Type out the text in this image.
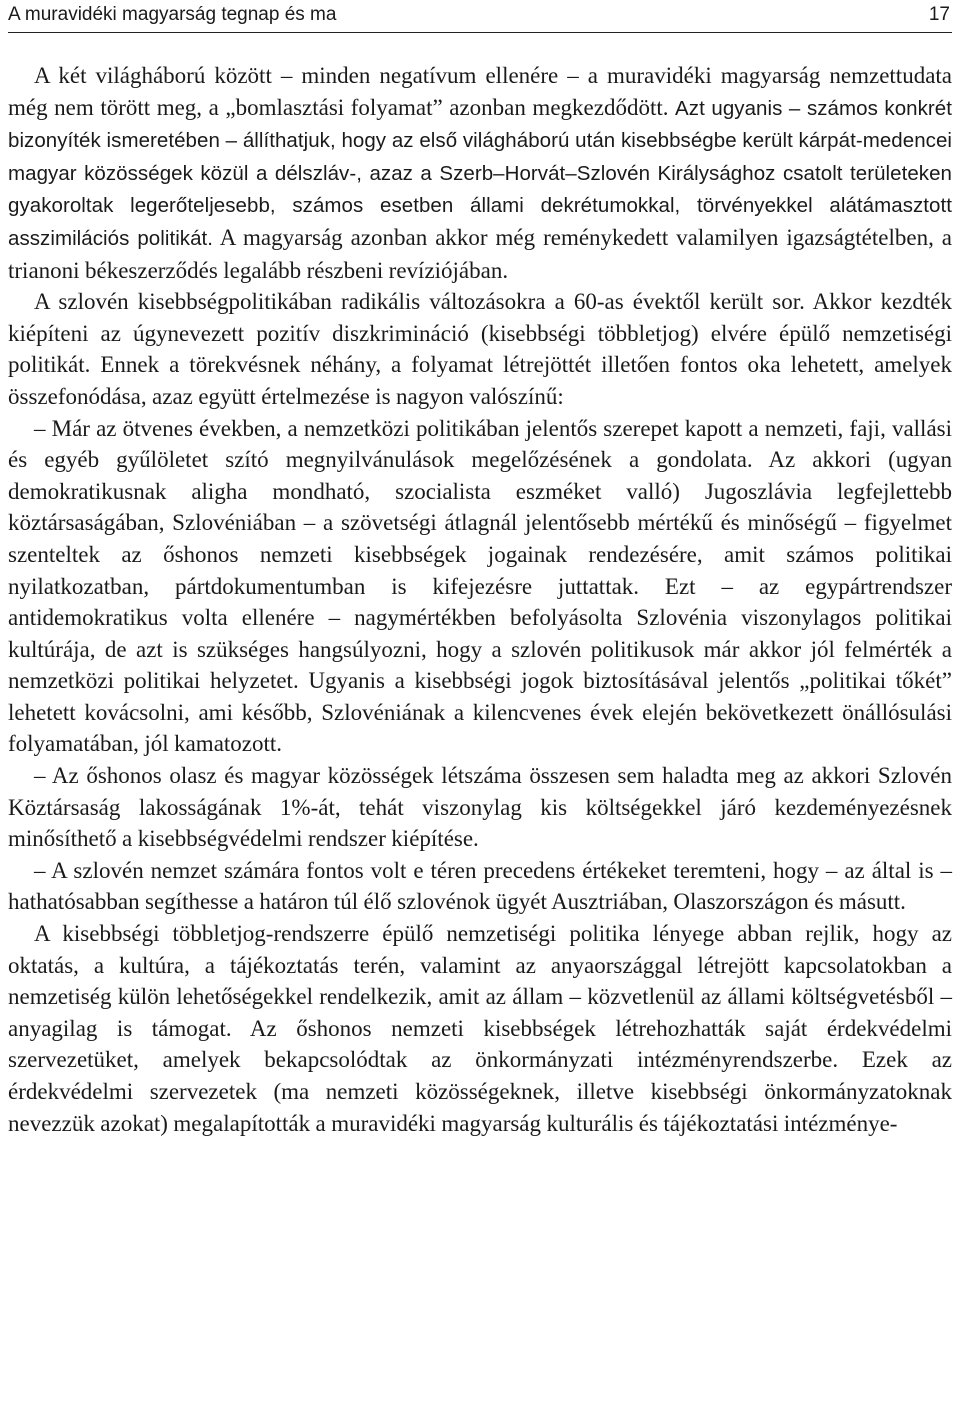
A muravidéki magyarság tegnap és ma	17

A két világháború között – minden negatívum ellenére – a muravidéki magyarság nemzettudata még nem törött meg, a „bomlasztási folyamat” azonban megkezdődött. Azt ugyanis – számos konkrét bizonyíték ismeretében – állíthatjuk, hogy az első világháború után kisebbségbe került kárpát-medencei magyar közösségek közül a délszláv-, azaz a Szerb–Horvát–Szlovén Királysághoz csatolt területeken gyakoroltak legerőteljesebb, számos esetben állami dekrétumokkal, törvényekkel alátámasztott asszimilációs politikát. A magyarság azonban akkor még reménykedett valamilyen igazságtételben, a trianoni békeszerződés legalább részbeni revíziójában.

A szlovén kisebbségpolitikában radikális változásokra a 60-as évektől került sor. Akkor kezdték kiépíteni az úgynevezett pozitív diszkrimináció (kisebbségi többletjog) elvére épülő nemzetiségi politikát. Ennek a törekvésnek néhány, a folyamat létrejöttét illetően fontos oka lehetett, amelyek összefonódása, azaz együtt értelmezése is nagyon valószínű:

– Már az ötvenes években, a nemzetközi politikában jelentős szerepet kapott a nemzeti, faji, vallási és egyéb gyűlöletet szító megnyilvánulások megelőzésének a gondolata. Az akkori (ugyan demokratikusnak aligha mondható, szocialista eszméket valló) Jugoszlávia legfejlettebb köztársaságában, Szlovéniában – a szövetségi átlagnál jelentősebb mértékű és minőségű – figyelmet szenteltek az őshonos nemzeti kisebbségek jogainak rendezésére, amit számos politikai nyilatkozatban, pártdokumentumban is kifejezésre juttattak. Ezt – az egypártrendszer antidemokratikus volta ellenére – nagymértékben befolyásolta Szlovénia viszonylagos politikai kultúrája, de azt is szükséges hangsúlyozni, hogy a szlovén politikusok már akkor jól felmérték a nemzetközi politikai helyzetet. Ugyanis a kisebbségi jogok biztosításával jelentős „politikai tőkét” lehetett kovácsolni, ami később, Szlovéniának a kilencvenes évek elején bekövetkezett önállósulási folyamatában, jól kamatozott.

– Az őshonos olasz és magyar közösségek létszáma összesen sem haladta meg az akkori Szlovén Köztársaság lakosságának 1%-át, tehát viszonylag kis költségekkel járó kezdeményezésnek minősíthető a kisebbségvédelmi rendszer kiépítése.

– A szlovén nemzet számára fontos volt e téren precedens értékeket teremteni, hogy – az által is – hathatósabban segíthesse a határon túl élő szlovénok ügyét Ausztriában, Olaszországon és másutt.

A kisebbségi többletjog-rendszerre épülő nemzetiségi politika lényege abban rejlik, hogy az oktatás, a kultúra, a tájékoztatás terén, valamint az anyaországgal létrejött kapcsolatokban a nemzetiség külön lehetőségekkel rendelkezik, amit az állam – közvetlenül az állami költségvetésből – anyagilag is támogat. Az őshonos nemzeti kisebbségek létrehozhatták saját érdekvédelmi szervezetüket, amelyek bekapcsolódtak az önkormányzati intézményrendszerbe. Ezek az érdekvédelmi szervezetek (ma nemzeti közösségeknek, illetve kisebbségi önkormányzatoknak nevezzük azokat) megalapították a muravidéki magyarság kulturális és tájékoztatási intézménye-
